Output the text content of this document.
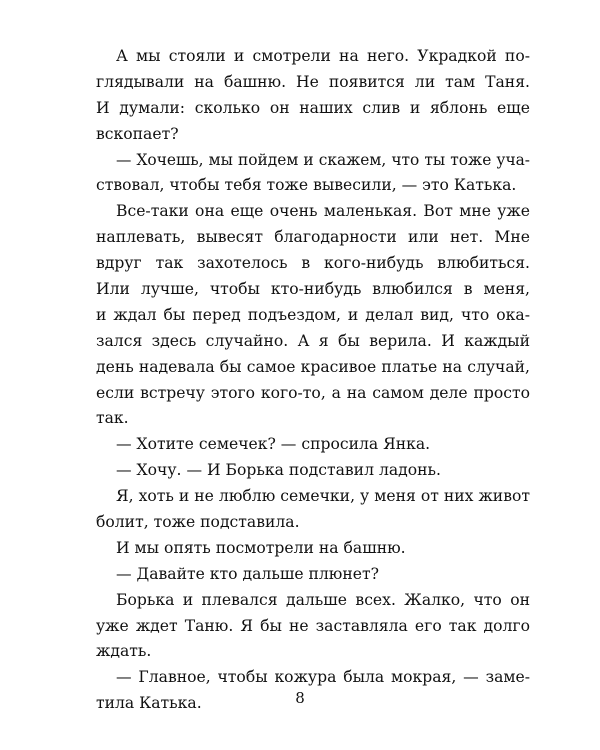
А мы стояли и смотрели на него. Украдкой по-
глядывали на башню. Не появится ли там Таня.
И думали: сколько он наших слив и яблонь еще
вскопает?
— Хочешь, мы пойдем и скажем, что ты тоже уча-
ствовал, чтобы тебя тоже вывесили, — это Катька.
Все-таки она еще очень маленькая. Вот мне уже
наплевать, вывесят благодарности или нет. Мне
вдруг так захотелось в кого-нибудь влюбиться.
Или лучше, чтобы кто-нибудь влюбился в меня,
и ждал бы перед подъездом, и делал вид, что ока-
зался здесь случайно. А я бы верила. И каждый
день надевала бы самое красивое платье на случай,
если встречу этого кого-то, а на самом деле просто
так.
— Хотите семечек? — спросила Янка.
— Хочу. — И Борька подставил ладонь.
Я, хоть и не люблю семечки, у меня от них живот
болит, тоже подставила.
И мы опять посмотрели на башню.
— Давайте кто дальше плюнет?
Борька и плевался дальше всех. Жалко, что он
уже ждет Таню. Я бы не заставляла его так долго
ждать.
— Главное, чтобы кожура была мокрая, — заме-
тила Катька.	8
